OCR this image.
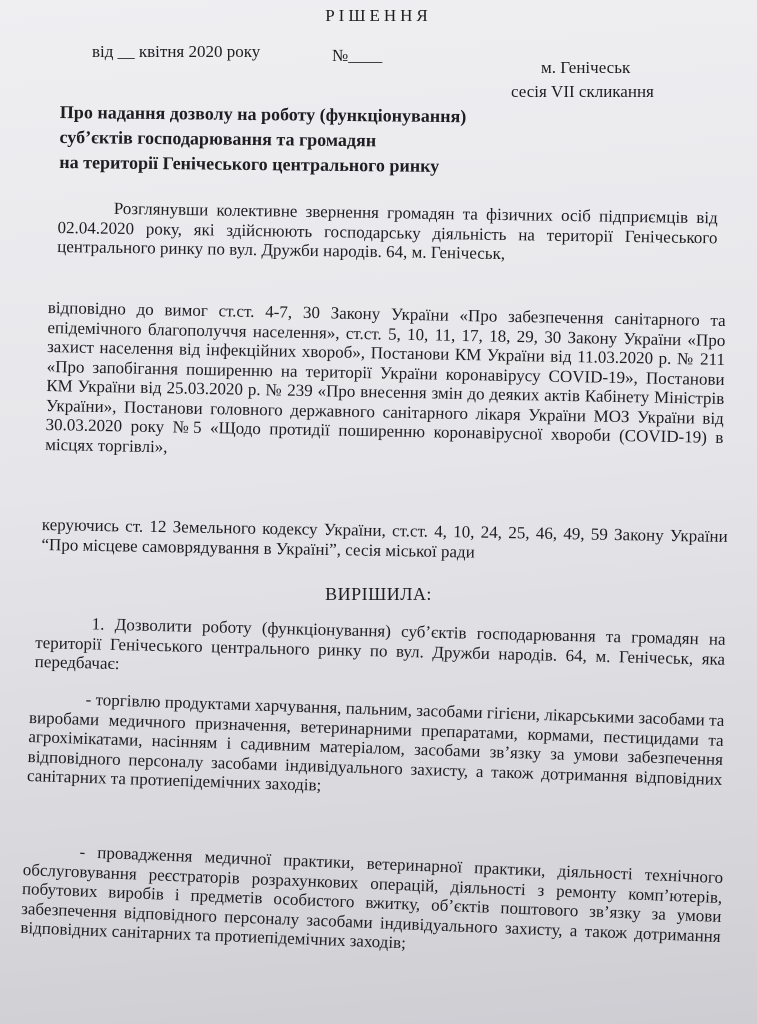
РІШЕННЯ
від __ квітня 2020 року	№____
м. Генічеськ
сесія VII скликання
Про надання дозволу на роботу (функціонування)
суб’єктів господарювання та громадян
на території Генічеського центрального ринку
Розглянувши колективне звернення громадян та фізичних осіб підприємців від 02.04.2020 року, які здійснюють господарську діяльність на території Генічеського центрального ринку по вул. Дружби народів. 64, м. Генічеськ,
відповідно до вимог ст.ст. 4-7, 30 Закону України «Про забезпечення санітарного та епідемічного благополуччя населення», ст.ст. 5, 10, 11, 17, 18, 29, 30 Закону України «Про захист населення від інфекційних хвороб», Постанови КМ України від 11.03.2020 р. № 211 «Про запобігання поширенню на території України коронавірусу COVID-19», Постанови КМ України від 25.03.2020 р. № 239 «Про внесення змін до деяких актів Кабінету Міністрів України», Постанови головного державного санітарного лікаря України МОЗ України від 30.03.2020 року №5 «Щодо протидії поширенню коронавірусної хвороби (COVID-19) в місцях торгівлі»,
керуючись ст. 12 Земельного кодексу України, ст.ст. 4, 10, 24, 25, 46, 49, 59 Закону України “Про місцеве самоврядування в Україні”, сесія міської ради
ВИРІШИЛА:
1. Дозволити роботу (функціонування) суб’єктів господарювання та громадян на території Генічеського центрального ринку по вул. Дружби народів. 64, м. Генічеськ, яка передбачає:
- торгівлю продуктами харчування, пальним, засобами гігієни, лікарськими засобами та виробами медичного призначення, ветеринарними препаратами, кормами, пестицидами та агрохімікатами, насінням і садивним матеріалом, засобами зв’язку за умови забезпечення відповідного персоналу засобами індивідуального захисту, а також дотримання відповідних санітарних та протиепідемічних заходів;
- провадження медичної практики, ветеринарної практики, діяльності технічного обслуговування реєстраторів розрахункових операцій, діяльності з ремонту комп’ютерів, побутових виробів і предметів особистого вжитку, об’єктів поштового зв’язку за умови забезпечення відповідного персоналу засобами індивідуального захисту, а також дотримання відповідних санітарних та протиепідемічних заходів;
